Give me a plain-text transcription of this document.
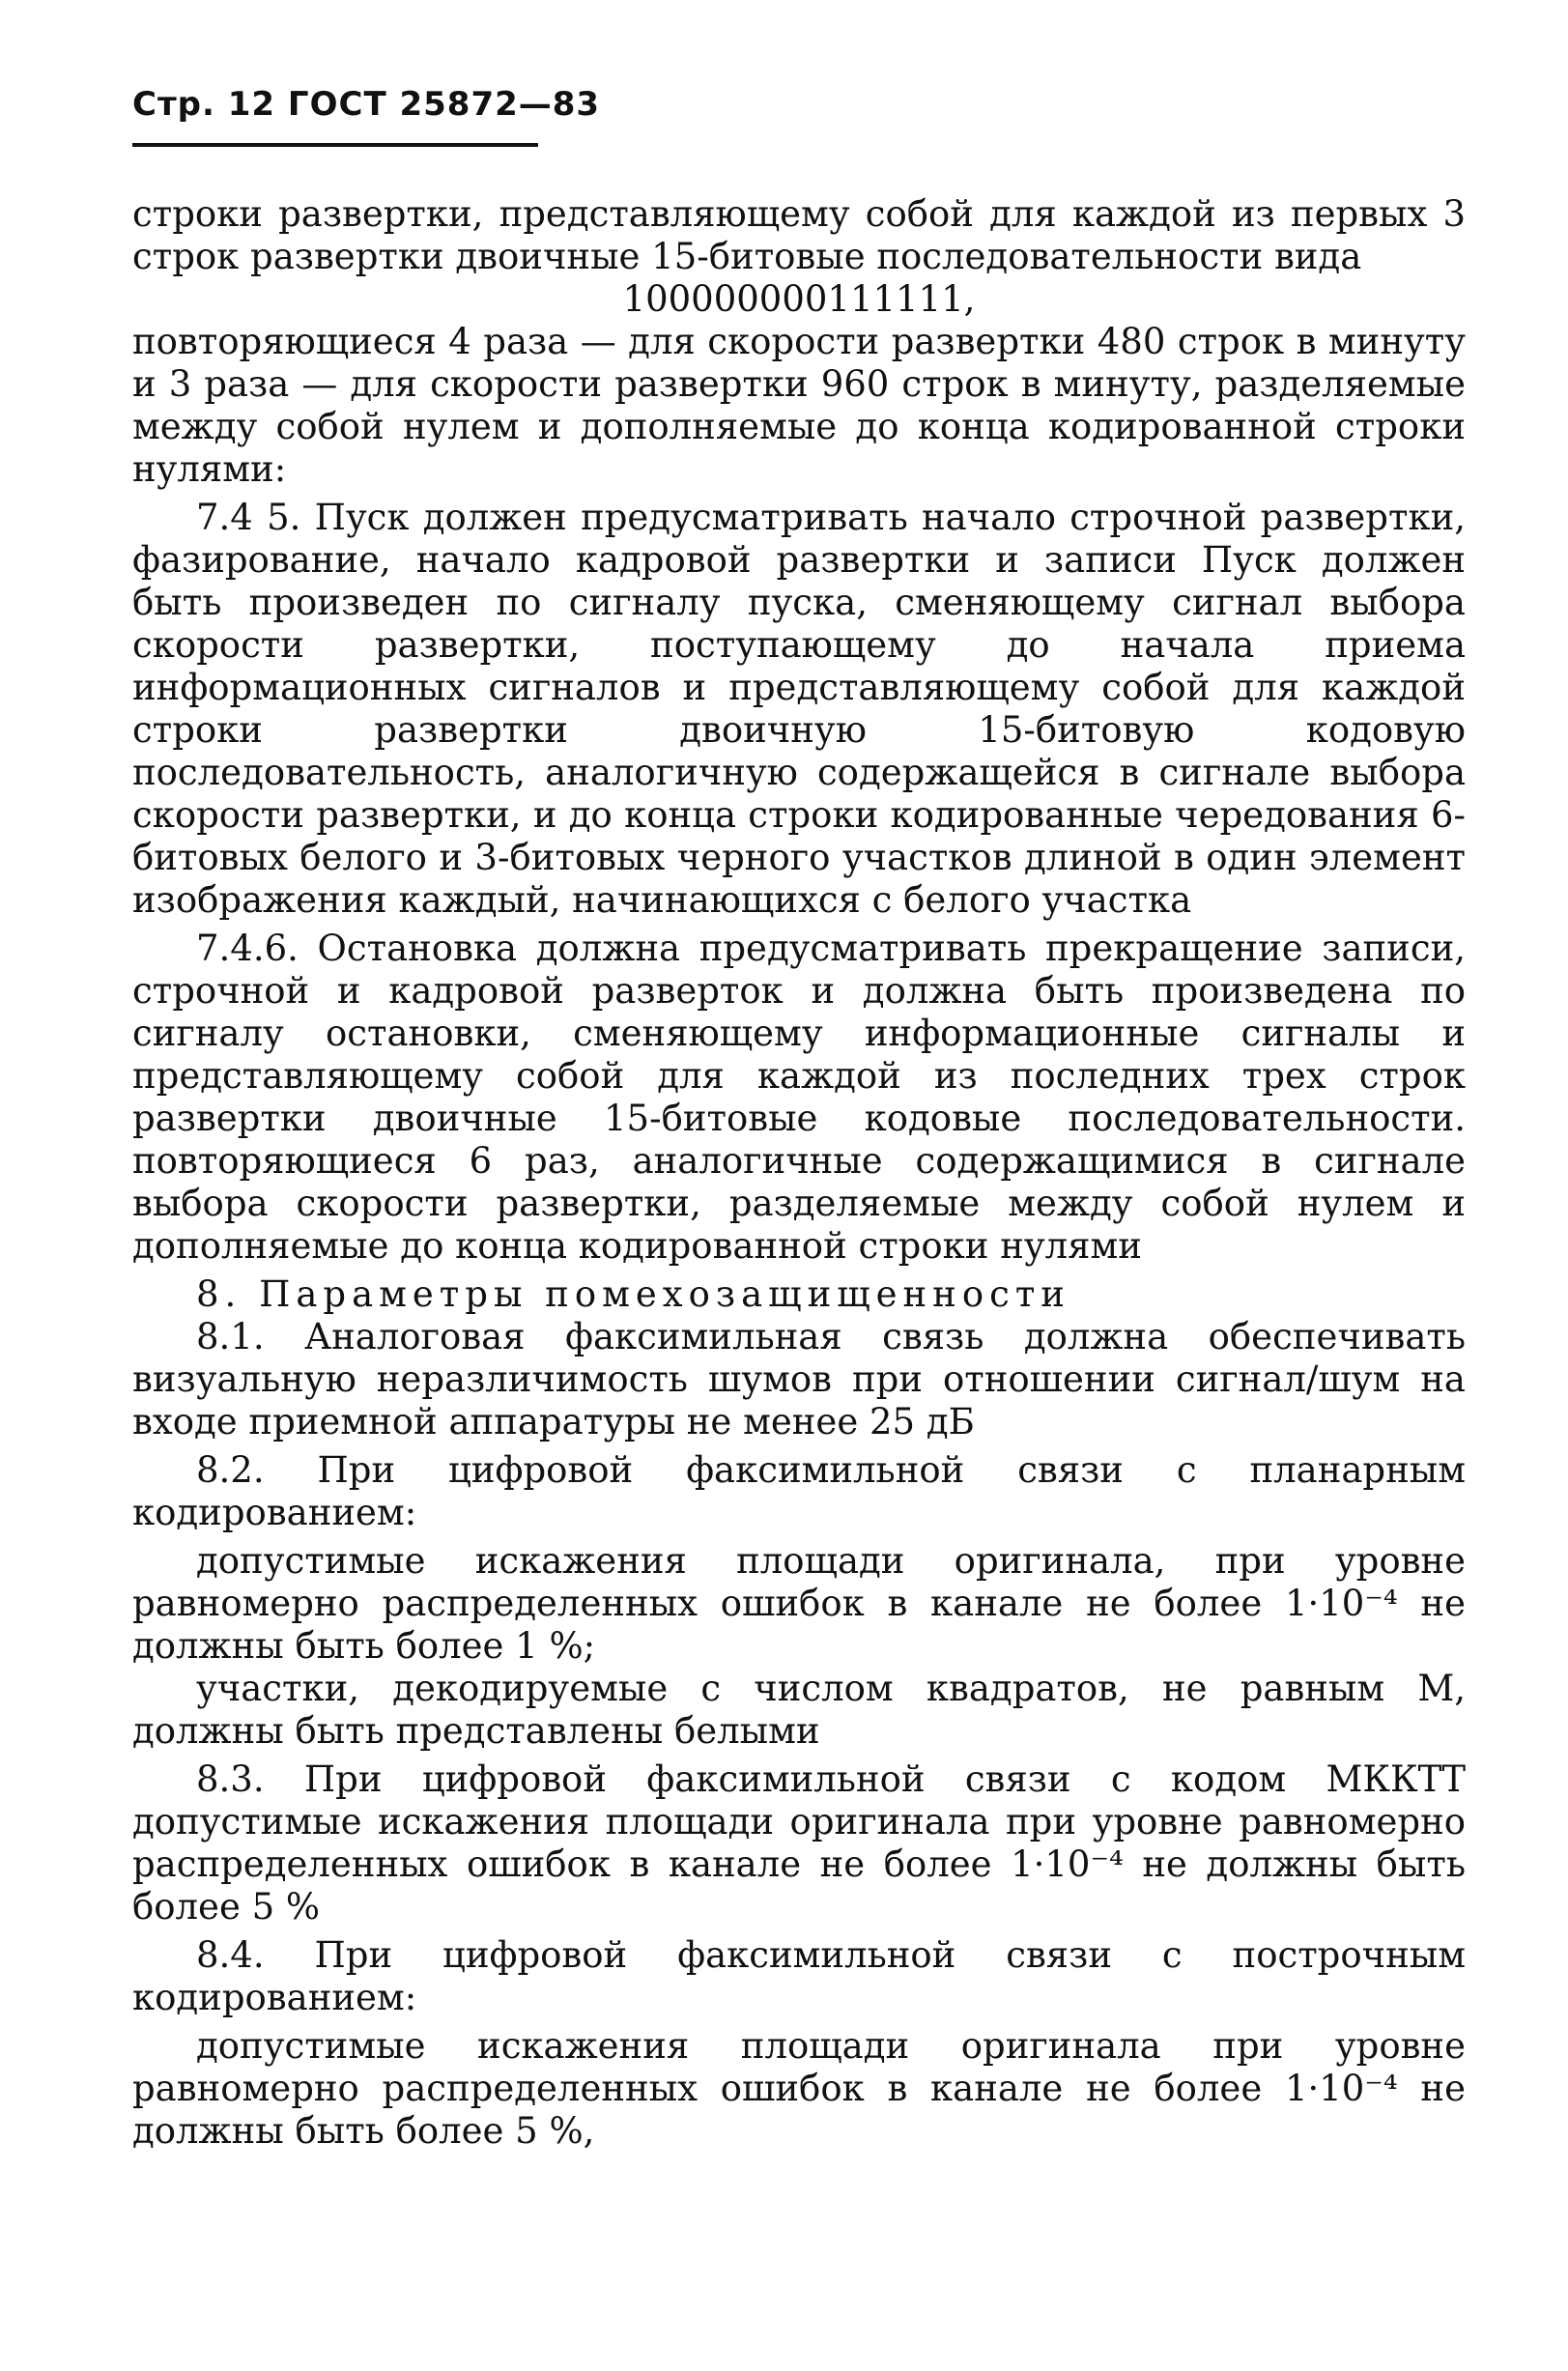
Стр. 12 ГОСТ 25872—83

строки развертки, представляющему собой для каждой из первых 3 строк развертки двоичные 15-битовые последовательности вида

100000000111111,

повторяющиеся 4 раза — для скорости развертки 480 строк в минуту и 3 раза — для скорости развертки 960 строк в минуту, разделяемые между собой нулем и дополняемые до конца кодированной строки нулями:

7.4 5. Пуск должен предусматривать начало строчной развертки, фазирование, начало кадровой развертки и записи Пуск должен быть произведен по сигналу пуска, сменяющему сигнал выбора скорости развертки, поступающему до начала приема информационных сигналов и представляющему собой для каждой строки развертки двоичную 15-битовую кодовую последовательность, аналогичную содержащейся в сигнале выбора скорости развертки, и до конца строки кодированные чередования 6-битовых белого и 3-битовых черного участков длиной в один элемент изображения каждый, начинающихся с белого участка

7.4.6. Остановка должна предусматривать прекращение записи, строчной и кадровой разверток и должна быть произведена по сигналу остановки, сменяющему информационные сигналы и представляющему собой для каждой из последних трех строк развертки двоичные 15-битовые кодовые последовательности. повторяющиеся 6 раз, аналогичные содержащимися в сигнале выбора скорости развертки, разделяемые между собой нулем и дополняемые до конца кодированной строки нулями

8. Параметры помехозащищенности

8.1. Аналоговая факсимильная связь должна обеспечивать визуальную неразличимость шумов при отношении сигнал/шум на входе приемной аппаратуры не менее 25 дБ

8.2. При цифровой факсимильной связи с планарным кодированием:

допустимые искажения площади оригинала, при уровне равномерно распределенных ошибок в канале не более 1·10⁻⁴ не должны быть более 1 %;

участки, декодируемые с числом квадратов, не равным M, должны быть представлены белыми

8.3. При цифровой факсимильной связи с кодом МККТТ допустимые искажения площади оригинала при уровне равномерно распределенных ошибок в канале не более 1·10⁻⁴ не должны быть более 5 %

8.4. При цифровой факсимильной связи с построчным кодированием:

допустимые искажения площади оригинала при уровне равномерно распределенных ошибок в канале не более 1·10⁻⁴ не должны быть более 5 %,
